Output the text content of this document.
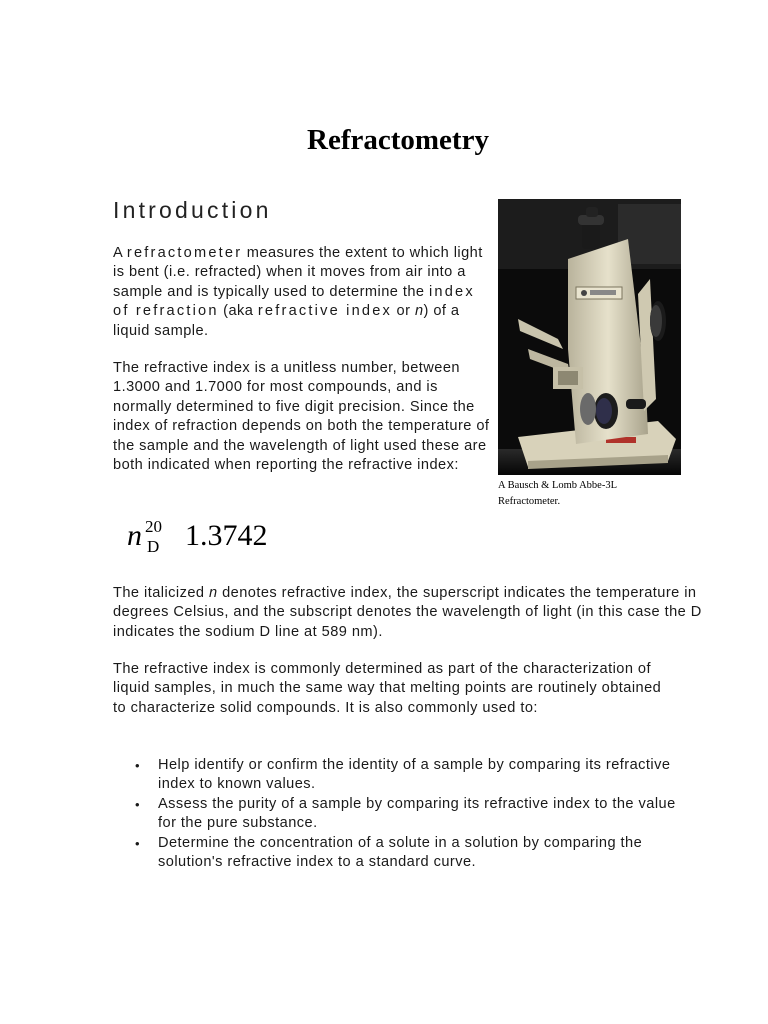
Refractometry
Introduction

A refractometer measures the extent to which light is bent (i.e. refracted) when it moves from air into a sample and is typically used to determine the index of refraction (aka refractive index or n) of a liquid sample.

The refractive index is a unitless number, between 1.3000 and 1.7000 for most compounds, and is normally determined to five digit precision. Since the index of refraction depends on both the temperature of the sample and the wavelength of light used these are both indicated when reporting the refractive index:

n 20
D 1.3742

The italicized n denotes refractive index, the superscript indicates the temperature in degrees Celsius, and the subscript denotes the wavelength of light (in this case the D indicates the sodium D line at 589 nm).

The refractive index is commonly determined as part of the characterization of liquid samples, in much the same way that melting points are routinely obtained to characterize solid compounds. It is also commonly used to:

• Help identify or confirm the identity of a sample by comparing its refractive index to known values.
• Assess the purity of a sample by comparing its refractive index to the value for the pure substance.
• Determine the concentration of a solute in a solution by comparing the solution's refractive index to a standard curve.
A Bausch & Lomb Abbe-3L
Refractometer.
